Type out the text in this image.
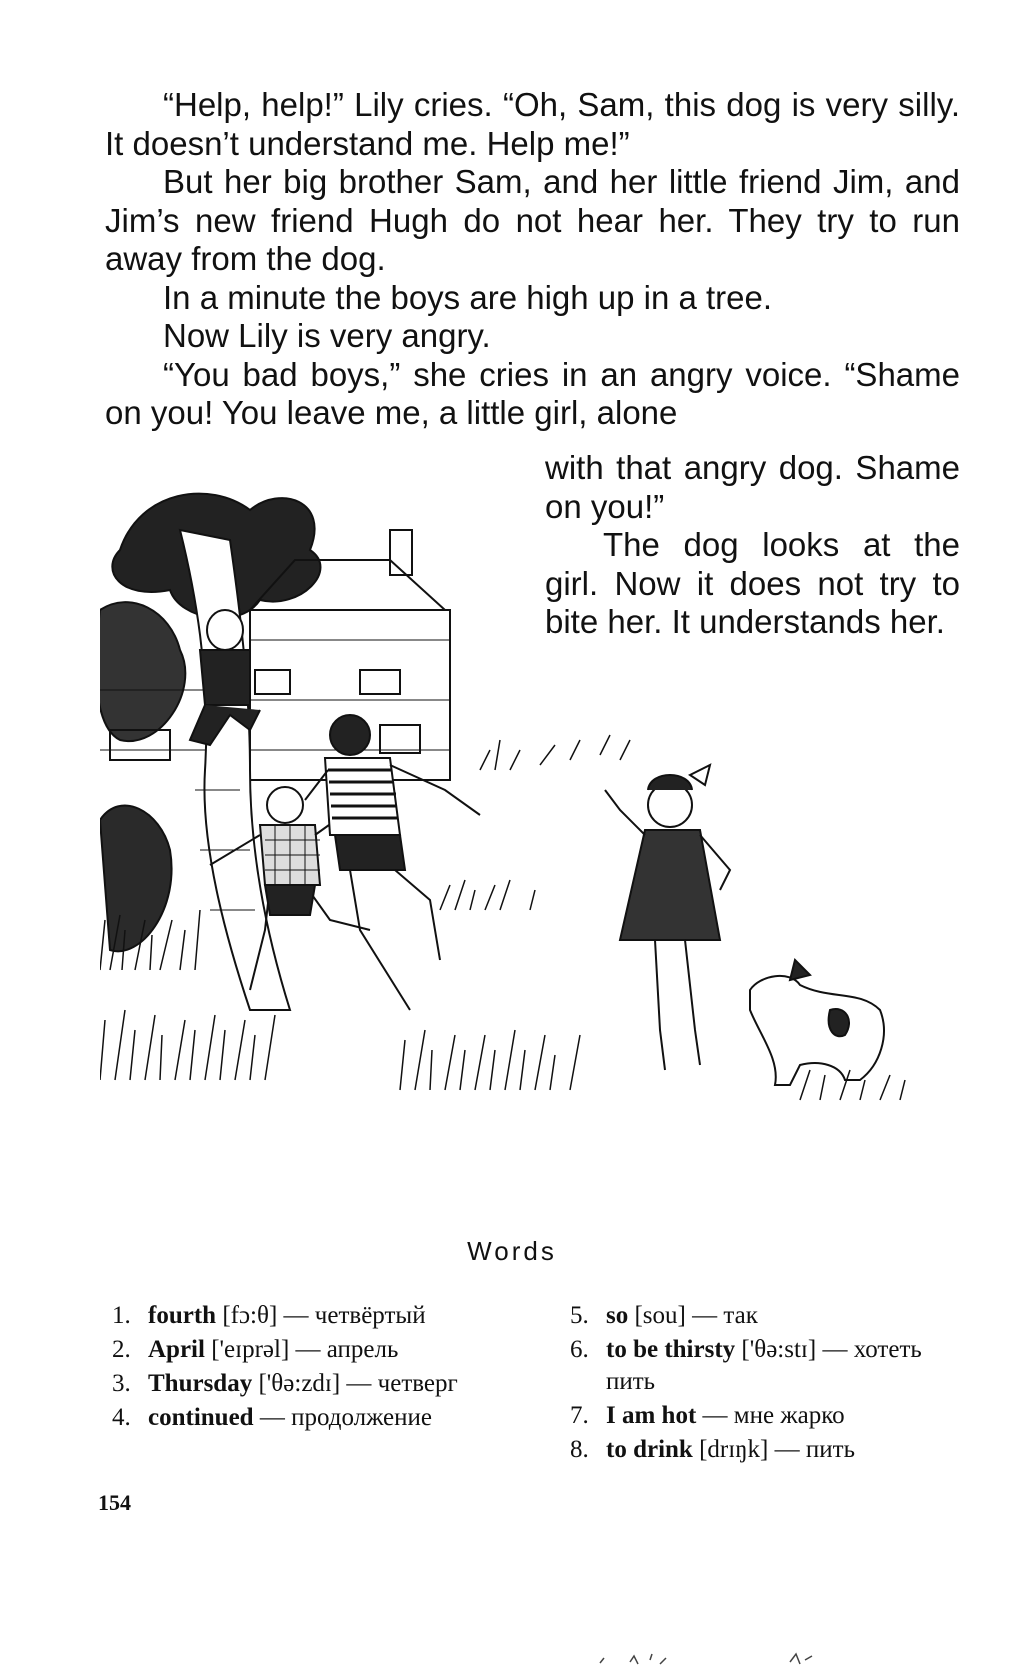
“Help, help!” Lily cries. “Oh, Sam, this dog is very silly. It doesn’t understand me. Help me!”

But her big brother Sam, and her little friend Jim, and Jim’s new friend Hugh do not hear her. They try to run away from the dog.

In a minute the boys are high up in a tree.

Now Lily is very angry.

“You bad boys,” she cries in an angry voice. “Shame on you! You leave me, a little girl, alone

with that angry dog. Shame on you!”

The dog looks at the girl. Now it does not try to bite her. It understands her.

Words
1. fourth [fɔ:θ] — четвёртый
2. April ['eɪprəl] — апрель
3. Thursday ['θə:zdɪ] — четверг
4. continued — продолжение
5. so [sou] — так
6. to be thirsty ['θə:stɪ] — хотеть пить
7. I am hot — мне жарко
8. to drink [drɪŋk] — пить
154
